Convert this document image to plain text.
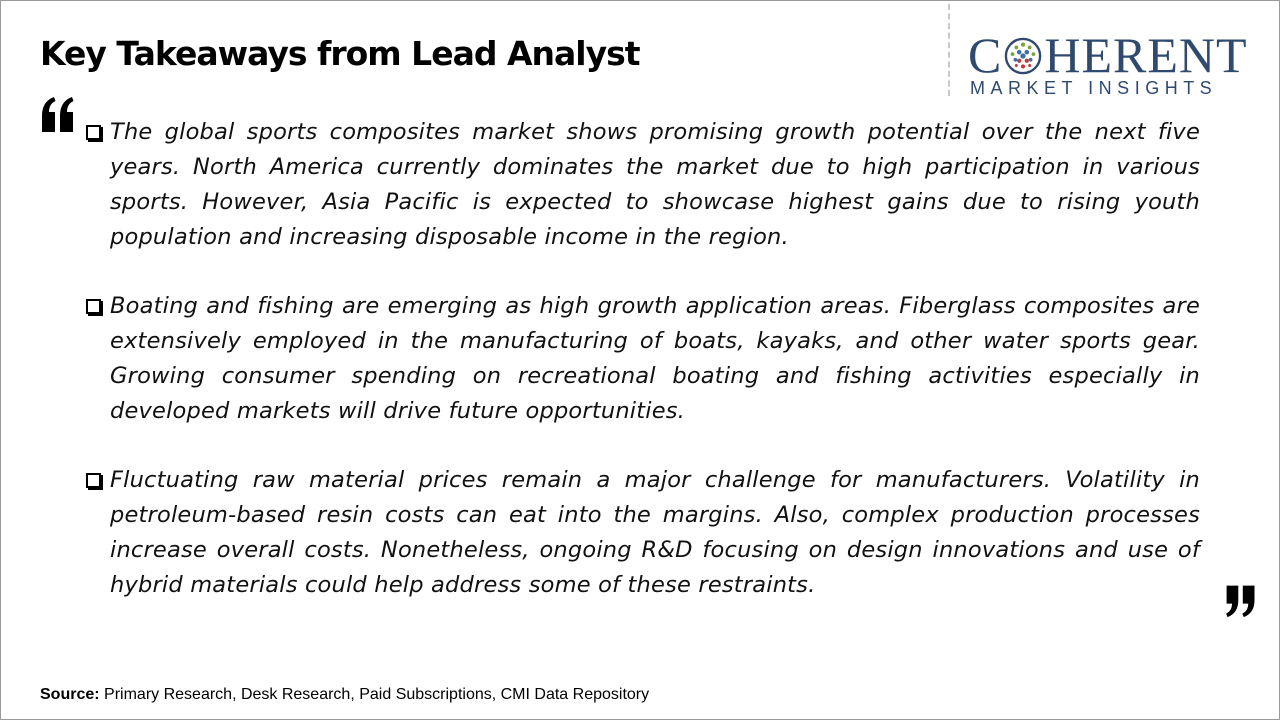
Key Takeaways from Lead Analyst	C HERENT
MARKET INSIGHTS
The global sports composites market shows promising growth potential over the next five years. North America currently dominates the market due to high participation in various sports. However, Asia Pacific is expected to showcase highest gains due to rising youth population and increasing disposable income in the region.
Boating and fishing are emerging as high growth application areas. Fiberglass composites are extensively employed in the manufacturing of boats, kayaks, and other water sports gear. Growing consumer spending on recreational boating and fishing activities especially in developed markets will drive future opportunities.
Fluctuating raw material prices remain a major challenge for manufacturers. Volatility in petroleum-based resin costs can eat into the margins. Also, complex production processes increase overall costs. Nonetheless, ongoing R&D focusing on design innovations and use of hybrid materials could help address some of these restraints.
Source: Primary Research, Desk Research, Paid Subscriptions, CMI Data Repository
